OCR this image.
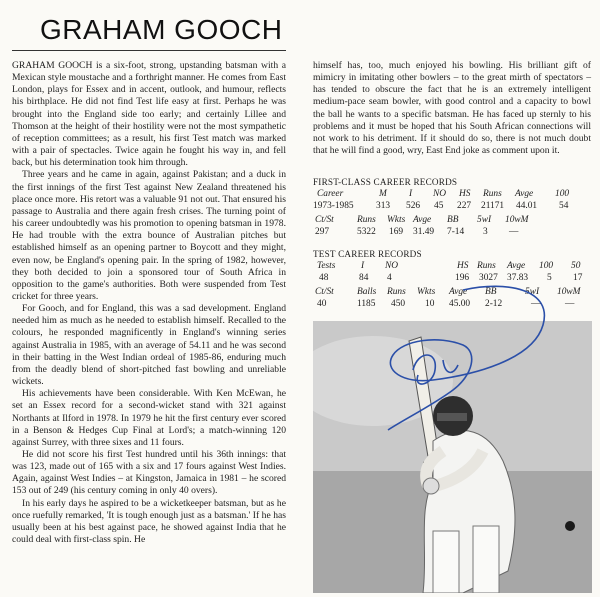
GRAHAM GOOCH

GRAHAM GOOCH is a six-foot, strong, upstanding batsman with a Mexican style moustache and a forthright manner. He comes from East London, plays for Essex and in accent, outlook, and humour, reflects his birthplace. He did not find Test life easy at first. Perhaps he was brought into the England side too early; and certainly Lillee and Thomson at the height of their hostility were not the most sympathetic of reception committees; as a result, his first Test match was marked with a pair of spectacles. Twice again he fought his way in, and fell back, but his determination took him through.

Three years and he came in again, against Pakistan; and a duck in the first innings of the first Test against New Zealand threatened his place once more. His retort was a valuable 91 not out. That ensured his passage to Australia and there again fresh crises. The turning point of his career undoubtedly was his promotion to opening batsman in 1978. He had trouble with the extra bounce of Australian pitches but established himself as an opening partner to Boycott and they might, even now, be England's opening pair. In the spring of 1982, however, they both decided to join a sponsored tour of South Africa in opposition to the game's authorities. Both were suspended from Test cricket for three years.

For Gooch, and for England, this was a sad development. England needed him as much as he needed to establish himself. Recalled to the colours, he responded magnificently in England's winning series against Australia in 1985, with an average of 54.11 and he was second in their batting in the West Indian ordeal of 1985-86, enduring much from the deadly blend of short-pitched fast bowling and unreliable wickets.

His achievements have been considerable. With Ken McEwan, he set an Essex record for a second-wicket stand with 321 against Northants at Ilford in 1978. In 1979 he hit the first century ever scored in a Benson & Hedges Cup Final at Lord's; a match-winning 120 against Surrey, with three sixes and 11 fours.

He did not score his first Test hundred until his 36th innings: that was 123, made out of 165 with a six and 17 fours against West Indies. Again, against West Indies – at Kingston, Jamaica in 1981 – he scored 153 out of 249 (his century coming in only 40 overs).

In his early days he aspired to be a wicketkeeper batsman, but as he once ruefully remarked, 'It is tough enough just as a batsman.' If he has usually been at his best against pace, he showed against India that he could deal with first-class spin. He

himself has, too, much enjoyed his bowling. His brilliant gift of mimicry in imitating other bowlers – to the great mirth of spectators – has tended to obscure the fact that he is an extremely intelligent medium-pace seam bowler, with good control and a capacity to bowl the ball he wants to a specific batsman. He has faced up sternly to his problems and it must be hoped that his South African connections will not work to his detriment. If it should do so, there is not much doubt that he will find a good, wry, East End joke as comment upon it.

FIRST-CLASS CAREER RECORDS
Career	M I NO HS Runs Avge 100
1973-1985 313 526 45 227 21171 44.01 54
Ct/St Runs Wkts Avge BB 5wI 10wM
297	5322 169 31.49 7-14 3 —
TEST CAREER RECORDS
Tests	I NO	HS Runs Avge 100 50
48	84 4	196 3027 37.83 5 17
Ct/St Balls Runs Wkts Avge BB	5wI 10wM
40	1185 450 10 45.00 2-12	—	—
